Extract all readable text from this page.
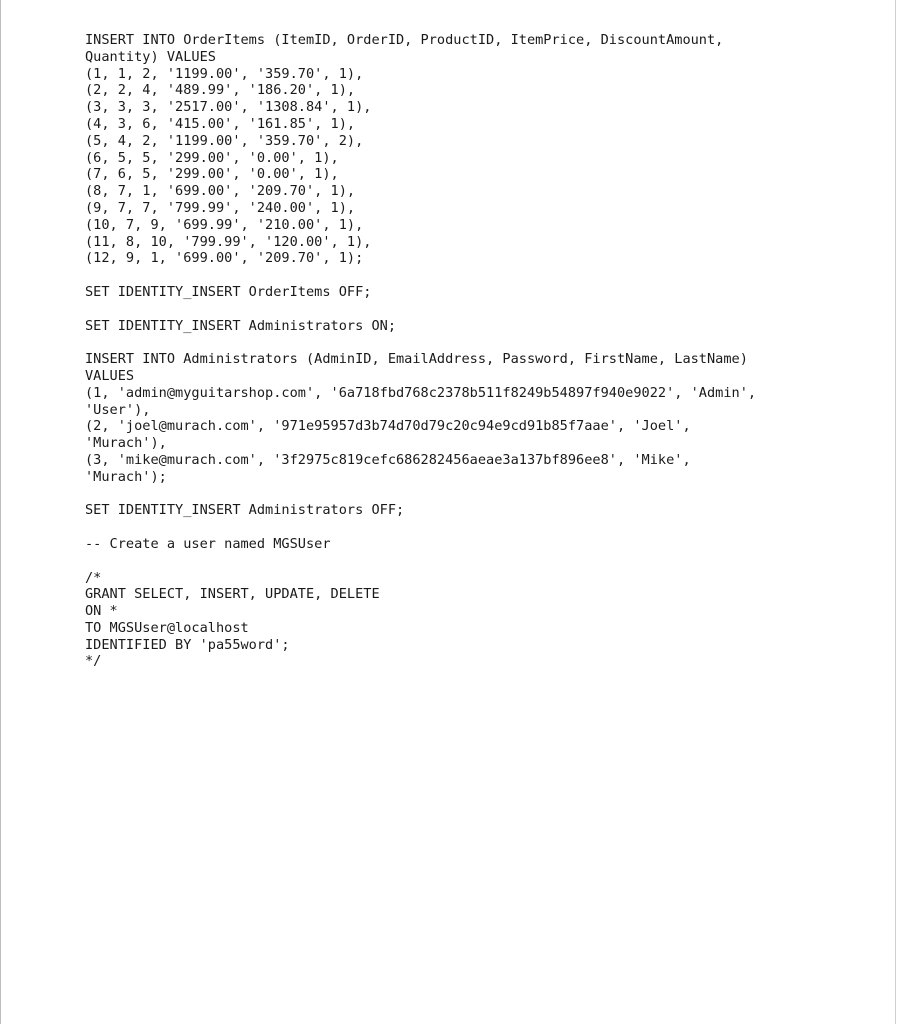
INSERT INTO OrderItems (ItemID, OrderID, ProductID, ItemPrice, DiscountAmount,
Quantity) VALUES
(1, 1, 2, '1199.00', '359.70', 1),
(2, 2, 4, '489.99', '186.20', 1),
(3, 3, 3, '2517.00', '1308.84', 1),
(4, 3, 6, '415.00', '161.85', 1),
(5, 4, 2, '1199.00', '359.70', 2),
(6, 5, 5, '299.00', '0.00', 1),
(7, 6, 5, '299.00', '0.00', 1),
(8, 7, 1, '699.00', '209.70', 1),
(9, 7, 7, '799.99', '240.00', 1),
(10, 7, 9, '699.99', '210.00', 1),
(11, 8, 10, '799.99', '120.00', 1),
(12, 9, 1, '699.00', '209.70', 1);
SET IDENTITY_INSERT OrderItems OFF;
SET IDENTITY_INSERT Administrators ON;
INSERT INTO Administrators (AdminID, EmailAddress, Password, FirstName, LastName)
VALUES
(1, 'admin@myguitarshop.com', '6a718fbd768c2378b511f8249b54897f940e9022', 'Admin',
'User'),
(2, 'joel@murach.com', '971e95957d3b74d70d79c20c94e9cd91b85f7aae', 'Joel',
'Murach'),
(3, 'mike@murach.com', '3f2975c819cefc686282456aeae3a137bf896ee8', 'Mike',
'Murach');
SET IDENTITY_INSERT Administrators OFF;
-- Create a user named MGSUser
/*
GRANT SELECT, INSERT, UPDATE, DELETE
ON *
TO MGSUser@localhost
IDENTIFIED BY 'pa55word';
*/
